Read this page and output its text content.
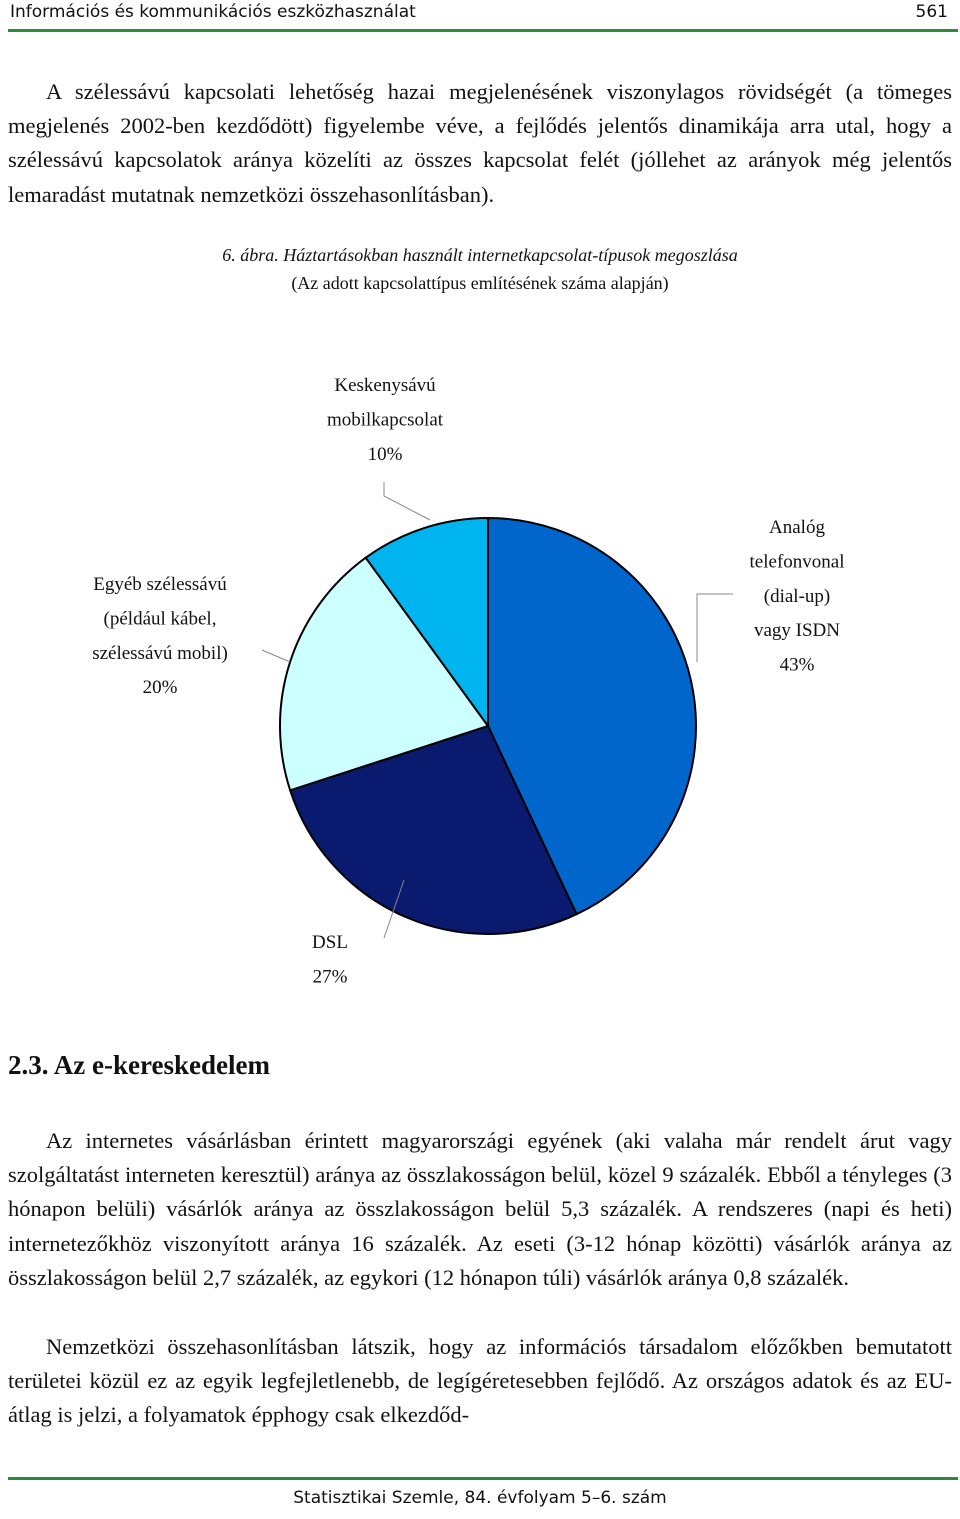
Információs és kommunikációs eszközhasználat	561

A szélessávú kapcsolati lehetőség hazai megjelenésének viszonylagos rövidségét (a tömeges megjelenés 2002-ben kezdődött) figyelembe véve, a fejlődés jelentős dinamikája arra utal, hogy a szélessávú kapcsolatok aránya közelíti az összes kapcsolat felét (jóllehet az arányok még jelentős lemaradást mutatnak nemzetközi összehasonlításban).

6. ábra. Háztartásokban használt internetkapcsolat-típusok megoszlása
(Az adott kapcsolattípus említésének száma alapján)
Analóg
telefonvonal
(dial-up)
vagy ISDN
43%
DSL
27%
Egyéb szélessávú
(például kábel,
szélessávú mobil)
20%
Keskenysávú
mobilkapcsolat
10%
2.3. Az e-kereskedelem

Az internetes vásárlásban érintett magyarországi egyének (aki valaha már rendelt árut vagy szolgáltatást interneten keresztül) aránya az összlakosságon belül, közel 9 százalék. Ebből a tényleges (3 hónapon belüli) vásárlók aránya az összlakosságon belül 5,3 százalék. A rendszeres (napi és heti) internetezőkhöz viszonyított aránya 16 százalék. Az eseti (3-12 hónap közötti) vásárlók aránya az összlakosságon belül 2,7 százalék, az egykori (12 hónapon túli) vásárlók aránya 0,8 százalék.

Nemzetközi összehasonlításban látszik, hogy az információs társadalom előzőkben bemutatott területei közül ez az egyik legfejletlenebb, de legígéretesebben fejlődő. Az országos adatok és az EU-átlag is jelzi, a folyamatok épphogy csak elkezdőd-

Statisztikai Szemle, 84. évfolyam 5–6. szám
